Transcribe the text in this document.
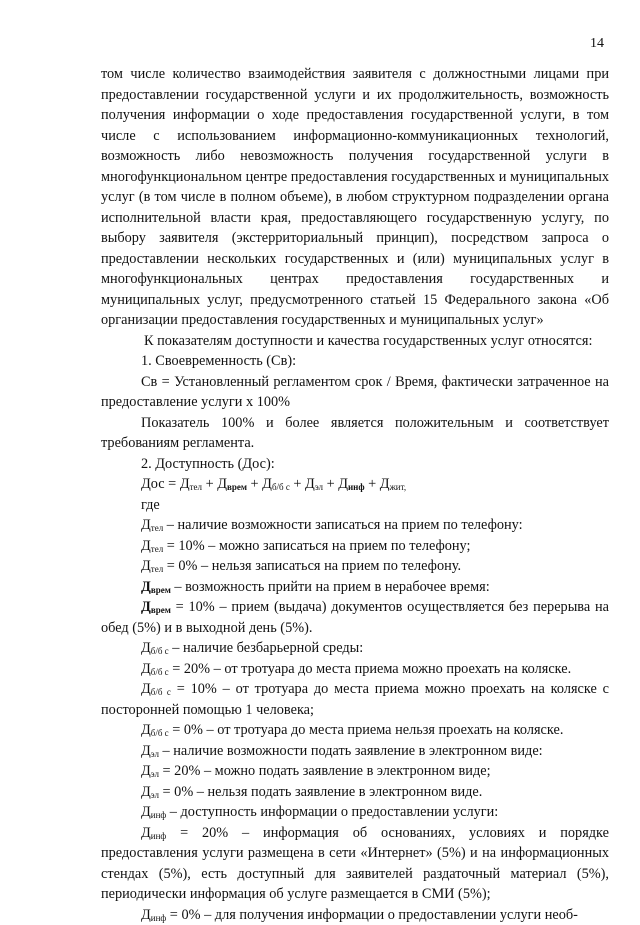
14

том числе количество взаимодействия заявителя с должностными лицами при предоставлении государственной услуги и их продолжительность, возможность получения информации о ходе предоставления государственной услуги, в том числе с использованием информационно-коммуникационных технологий, возможность либо невозможность получения государственной услуги в многофункциональном центре предоставления государственных и муниципальных услуг (в том числе в полном объеме), в любом структурном подразделении органа исполнительной власти края, предоставляющего государственную услугу, по выбору заявителя (экстерриториальный принцип), посредством запроса о предоставлении нескольких государственных и (или) муниципальных услуг в многофункциональных центрах предоставления государственных и муниципальных услуг, предусмотренного статьей 15 Федерального закона «Об организации предоставления государственных и муниципальных услуг»

К показателям доступности и качества государственных услуг относятся:

1. Своевременность (Св):

Св = Установленный регламентом срок / Время, фактически затраченное на предоставление услуги х 100%

Показатель 100% и более является положительным и соответствует требованиям регламента.

2. Доступность (Дос):

Дос = $Д_{тел} + Д_{врем} + Д_{б/б с} + Д_{эл} + Д_{инф} + Д_{жит,}$

где

$Д_{тел}$ – наличие возможности записаться на прием по телефону:

$Д_{тел} = 10\%$ – можно записаться на прием по телефону;

$Д_{тел} = 0\%$ – нельзя записаться на прием по телефону.

$Д_{врем}$ – возможность прийти на прием в нерабочее время:

$Д_{врем} = 10\%$ – прием (выдача) документов осуществляется без перерыва на обед (5%) и в выходной день (5%).

$Д_{б/б с}$ – наличие безбарьерной среды:

$Д_{б/б с} = 20\%$ – от тротуара до места приема можно проехать на коляске.

$Д_{б/б с} = 10\%$ – от тротуара до места приема можно проехать на коляске с посторонней помощью 1 человека;

$Д_{б/б с} = 0\%$ – от тротуара до места приема нельзя проехать на коляске.

$Д_{эл}$ – наличие возможности подать заявление в электронном виде:

$Д_{эл} = 20\%$ – можно подать заявление в электронном виде;

$Д_{эл} = 0\%$ – нельзя подать заявление в электронном виде.

$Д_{инф}$ – доступность информации о предоставлении услуги:

$Д_{инф} = 20\%$ – информация об основаниях, условиях и порядке предоставления услуги размещена в сети «Интернет» (5%) и на информационных стендах (5%), есть доступный для заявителей раздаточный материал (5%), периодически информация об услуге размещается в СМИ (5%);

$Д_{инф} = 0\%$ – для получения информации о предоставлении услуги необ-
